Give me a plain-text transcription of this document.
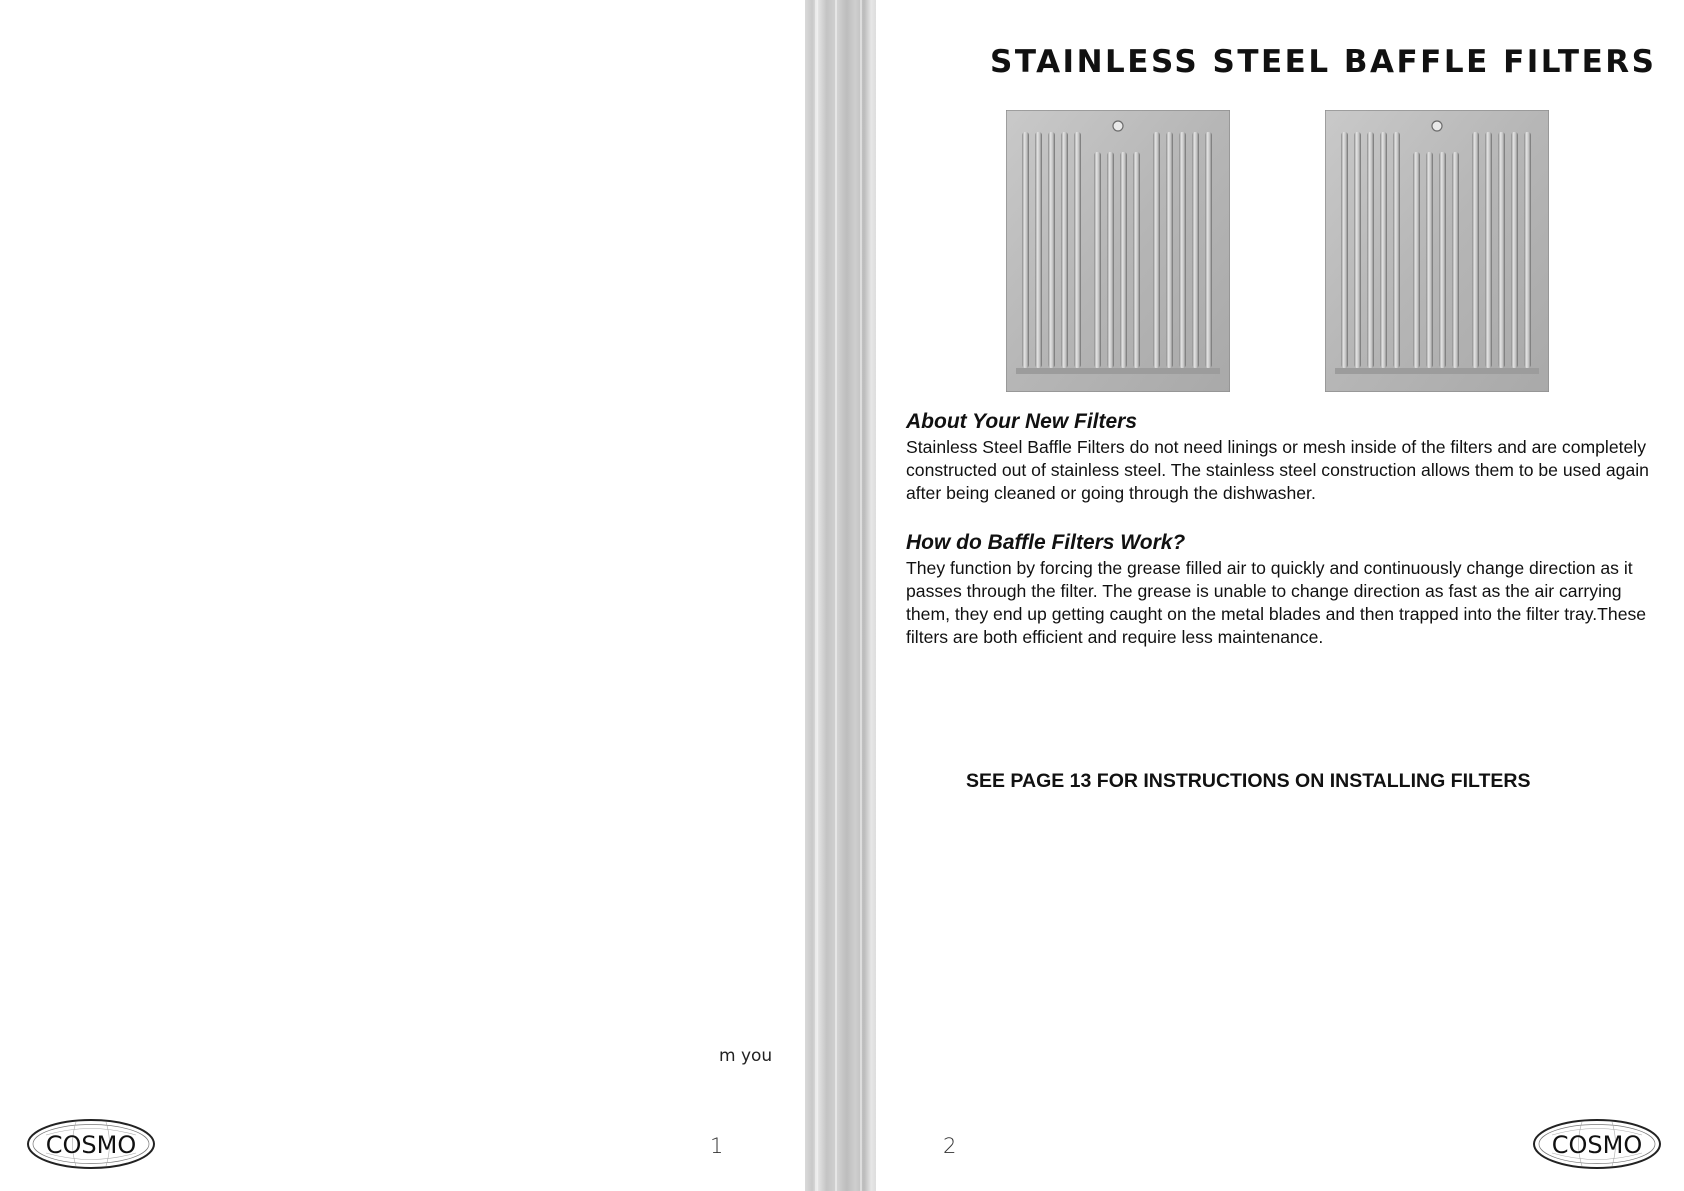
m you
1
COSMO
STAINLESS STEEL BAFFLE FILTERS
About Your New Filters
Stainless Steel Baffle Filters do not need linings or mesh inside of the filters and are completely constructed out of stainless steel. The stainless steel construction allows them to be used again after being cleaned or going through the dishwasher.
How do Baffle Filters Work?
They function by forcing the grease filled air to quickly and continuously change direction as it passes through the filter. The grease is unable to change direction as fast as the air carrying them, they end up getting caught on the metal blades and then trapped into the filter tray.These filters are both efficient and require less maintenance.
SEE PAGE 13 FOR INSTRUCTIONS ON INSTALLING FILTERS
2	COSMO
